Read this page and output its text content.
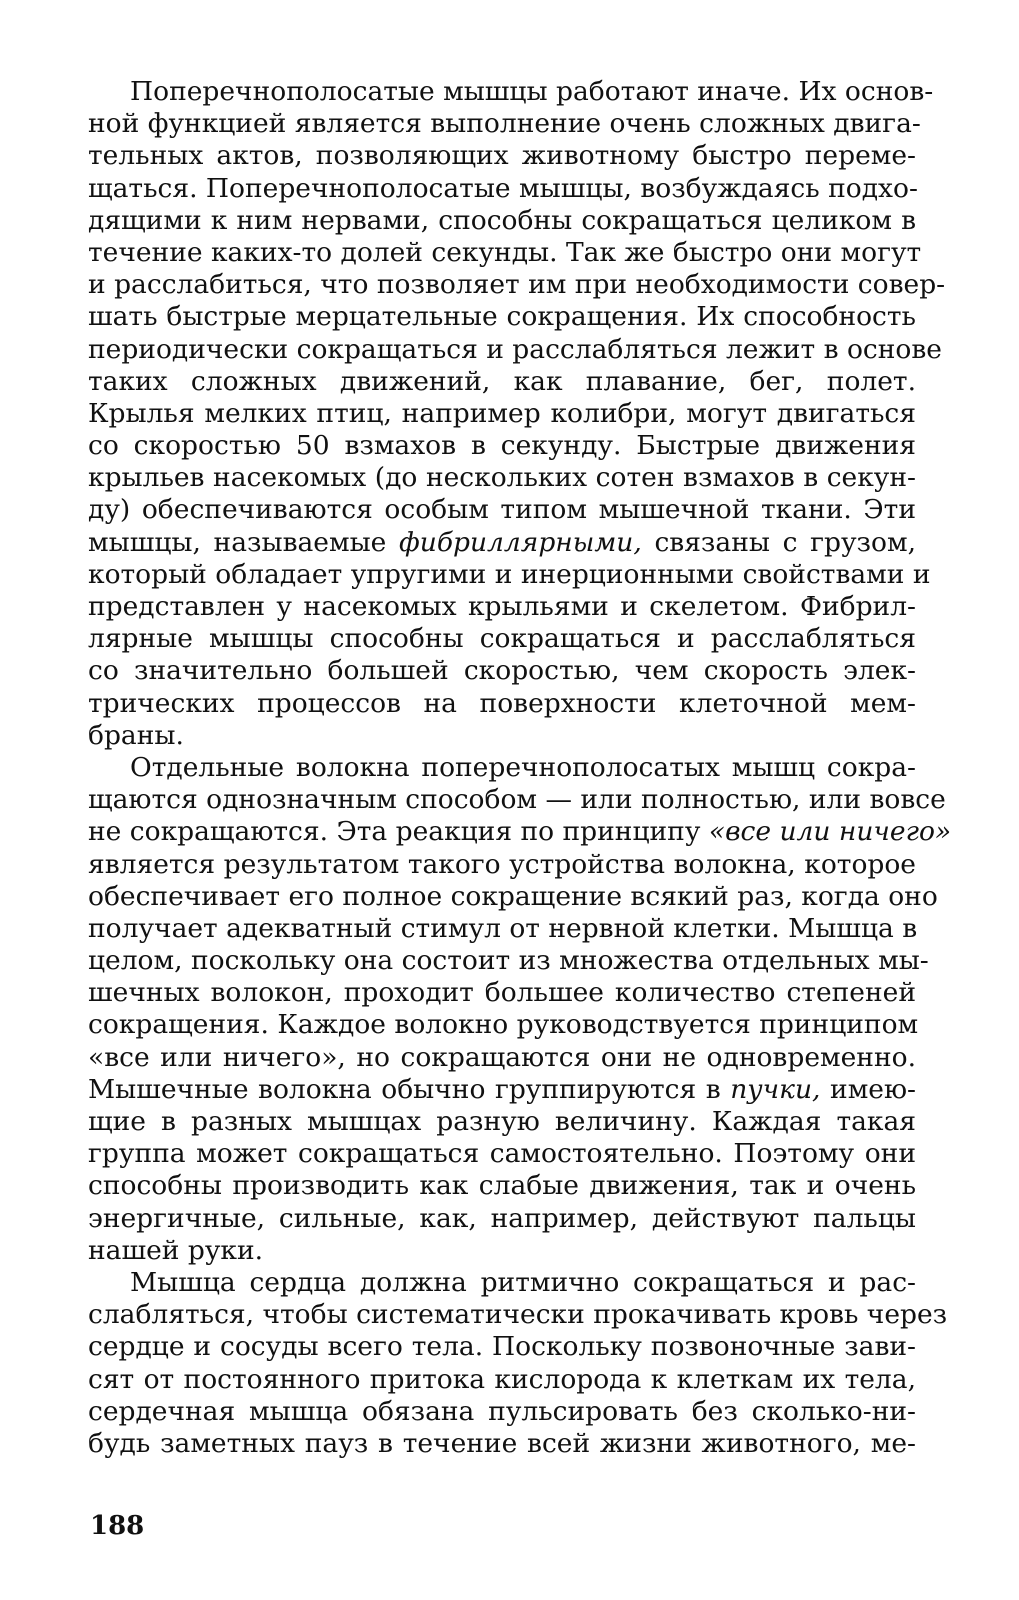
Поперечнополосатые мышцы работают иначе. Их основ-
ной функцией является выполнение очень сложных двига-
тельных актов, позволяющих животному быстро переме-
щаться. Поперечнополосатые мышцы, возбуждаясь подхо-
дящими к ним нервами, способны сокращаться целиком в
течение каких-то долей секунды. Так же быстро они могут
и расслабиться, что позволяет им при необходимости совер-
шать быстрые мерцательные сокращения. Их способность
периодически сокращаться и расслабляться лежит в основе
таких сложных движений, как плавание, бег, полет.
Крылья мелких птиц, например колибри, могут двигаться
со скоростью 50 взмахов в секунду. Быстрые движения
крыльев насекомых (до нескольких сотен взмахов в секун-
ду) обеспечиваются особым типом мышечной ткани. Эти
мышцы, называемые фибриллярными, связаны с грузом,
который обладает упругими и инерционными свойствами и
представлен у насекомых крыльями и скелетом. Фибрил-
лярные мышцы способны сокращаться и расслабляться
со значительно большей скоростью, чем скорость элек-
трических процессов на поверхности клеточной мем-
браны.
Отдельные волокна поперечнополосатых мышц сокра-
щаются однозначным способом — или полностью, или вовсе
не сокращаются. Эта реакция по принципу «все или ничего»
является результатом такого устройства волокна, которое
обеспечивает его полное сокращение всякий раз, когда оно
получает адекватный стимул от нервной клетки. Мышца в
целом, поскольку она состоит из множества отдельных мы-
шечных волокон, проходит большее количество степеней
сокращения. Каждое волокно руководствуется принципом
«все или ничего», но сокращаются они не одновременно.
Мышечные волокна обычно группируются в пучки, имею-
щие в разных мышцах разную величину. Каждая такая
группа может сокращаться самостоятельно. Поэтому они
способны производить как слабые движения, так и очень
энергичные, сильные, как, например, действуют пальцы
нашей руки.
Мышца сердца должна ритмично сокращаться и рас-
слабляться, чтобы систематически прокачивать кровь через
сердце и сосуды всего тела. Поскольку позвоночные зави-
сят от постоянного притока кислорода к клеткам их тела,
сердечная мышца обязана пульсировать без сколько-ни-
будь заметных пауз в течение всей жизни животного, ме-
188
